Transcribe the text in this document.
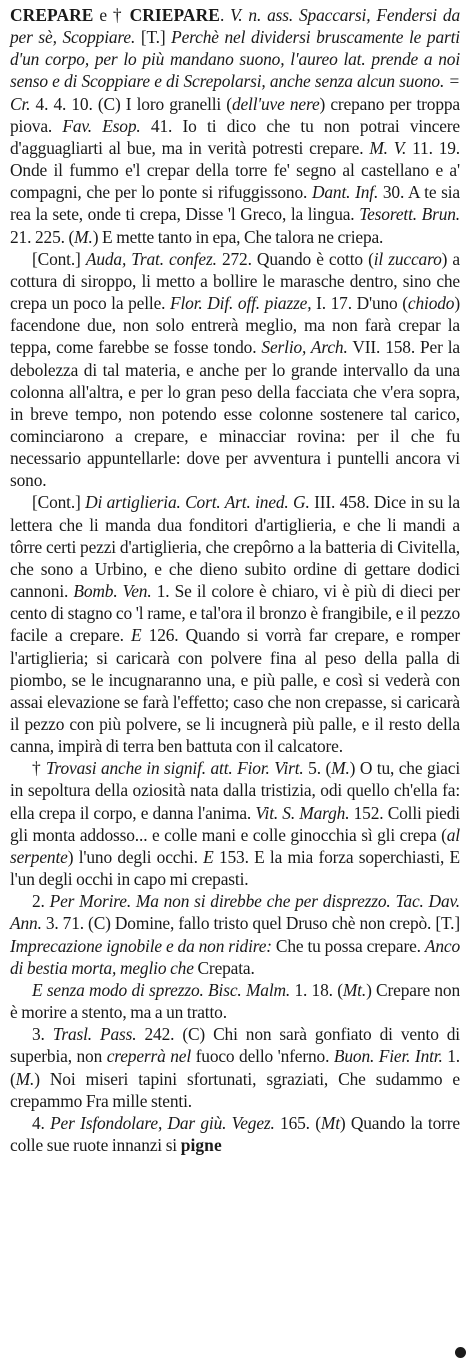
CREPARE e † CRIEPARE. V. n. ass. Spaccarsi, Fendersi da per sè, Scoppiare. [T.] Perchè nel dividersi bruscamente le parti d'un corpo, per lo più mandano suono, l'aureo lat. prende a noi senso e di Scoppiare e di Screpolarsi, anche senza alcun suono. = Cr. 4. 4. 10. (C) I loro granelli (dell'uve nere) crepano per troppa piova. Fav. Esop. 41. Io ti dico che tu non potrai vincere d'agguagliarti al bue, ma in verità potresti crepare. M. V. 11. 19. Onde il fummo e'l crepar della torre fe' segno al castellano e a' compagni, che per lo ponte si rifuggissono. Dant. Inf. 30. A te sia rea la sete, onde ti crepa, Disse 'l Greco, la lingua. Tesorett. Brun. 21. 225. (M.) E mette tanto in epa, Che talora ne criepa.

[Cont.] Auda, Trat. confez. 272. Quando è cotto (il zuccaro) a cottura di siroppo, li metto a bollire le marasche dentro, sino che crepa un poco la pelle. Flor. Dif. off. piazze, I. 17. D'uno (chiodo) facendone due, non solo entrerà meglio, ma non farà crepar la teppa, come farebbe se fosse tondo. Serlio, Arch. VII. 158. Per la debolezza di tal materia, e anche per lo grande intervallo da una colonna all'altra, e per lo gran peso della facciata che v'era sopra, in breve tempo, non potendo esse colonne sostenere tal carico, cominciarono a crepare, e minacciar rovina: per il che fu necessario appuntellarle: dove per avventura i puntelli ancora vi sono.

[Cont.] Di artiglieria. Cort. Art. ined. G. III. 458. Dice in su la lettera che li manda dua fonditori d'artiglieria, e che li mandi a tôrre certi pezzi d'artiglieria, che crepôrno a la batteria di Civitella, che sono a Urbino, e che dieno subito ordine di gettare dodici cannoni. Bomb. Ven. 1. Se il colore è chiaro, vi è più di dieci per cento di stagno co 'l rame, e tal'ora il bronzo è frangibile, e il pezzo facile a crepare. E 126. Quando si vorrà far crepare, e romper l'artiglieria; si caricarà con polvere fina al peso della palla di piombo, se le incugnaranno una, e più palle, e così si vederà con assai elevazione se farà l'effetto; caso che non crepasse, si caricarà il pezzo con più polvere, se li incugnerà più palle, e il resto della canna, impirà di terra ben battuta con il calcatore.

† Trovasi anche in signif. att. Fior. Virt. 5. (M.) O tu, che giaci in sepoltura della oziosità nata dalla tristizia, odi quello ch'ella fa: ella crepa il corpo, e danna l'anima. Vit. S. Margh. 152. Colli piedi gli monta addosso... e colle mani e colle ginocchia sì gli crepa (al serpente) l'uno degli occhi. E 153. E la mia forza soperchiasti, E l'un degli occhi in capo mi crepasti.

2. Per Morire. Ma non si direbbe che per disprezzo. Tac. Dav. Ann. 3. 71. (C) Domine, fallo tristo quel Druso chè non crepò. [T.] Imprecazione ignobile e da non ridire: Che tu possa crepare. Anco di bestia morta, meglio che Crepata.

E senza modo di sprezzo. Bisc. Malm. 1. 18. (Mt.) Crepare non è morire a stento, ma a un tratto.

3. Trasl. Pass. 242. (C) Chi non sarà gonfiato di vento di superbia, non creperrà nel fuoco dello 'nferno. Buon. Fier. Intr. 1. (M.) Noi miseri tapini sfortunati, sgraziati, Che sudammo e crepammo Fra mille stenti.

4. Per Isfondolare, Dar giù. Vegez. 165. (Mt) Quando la torre colle sue ruote innanzi si pigne
